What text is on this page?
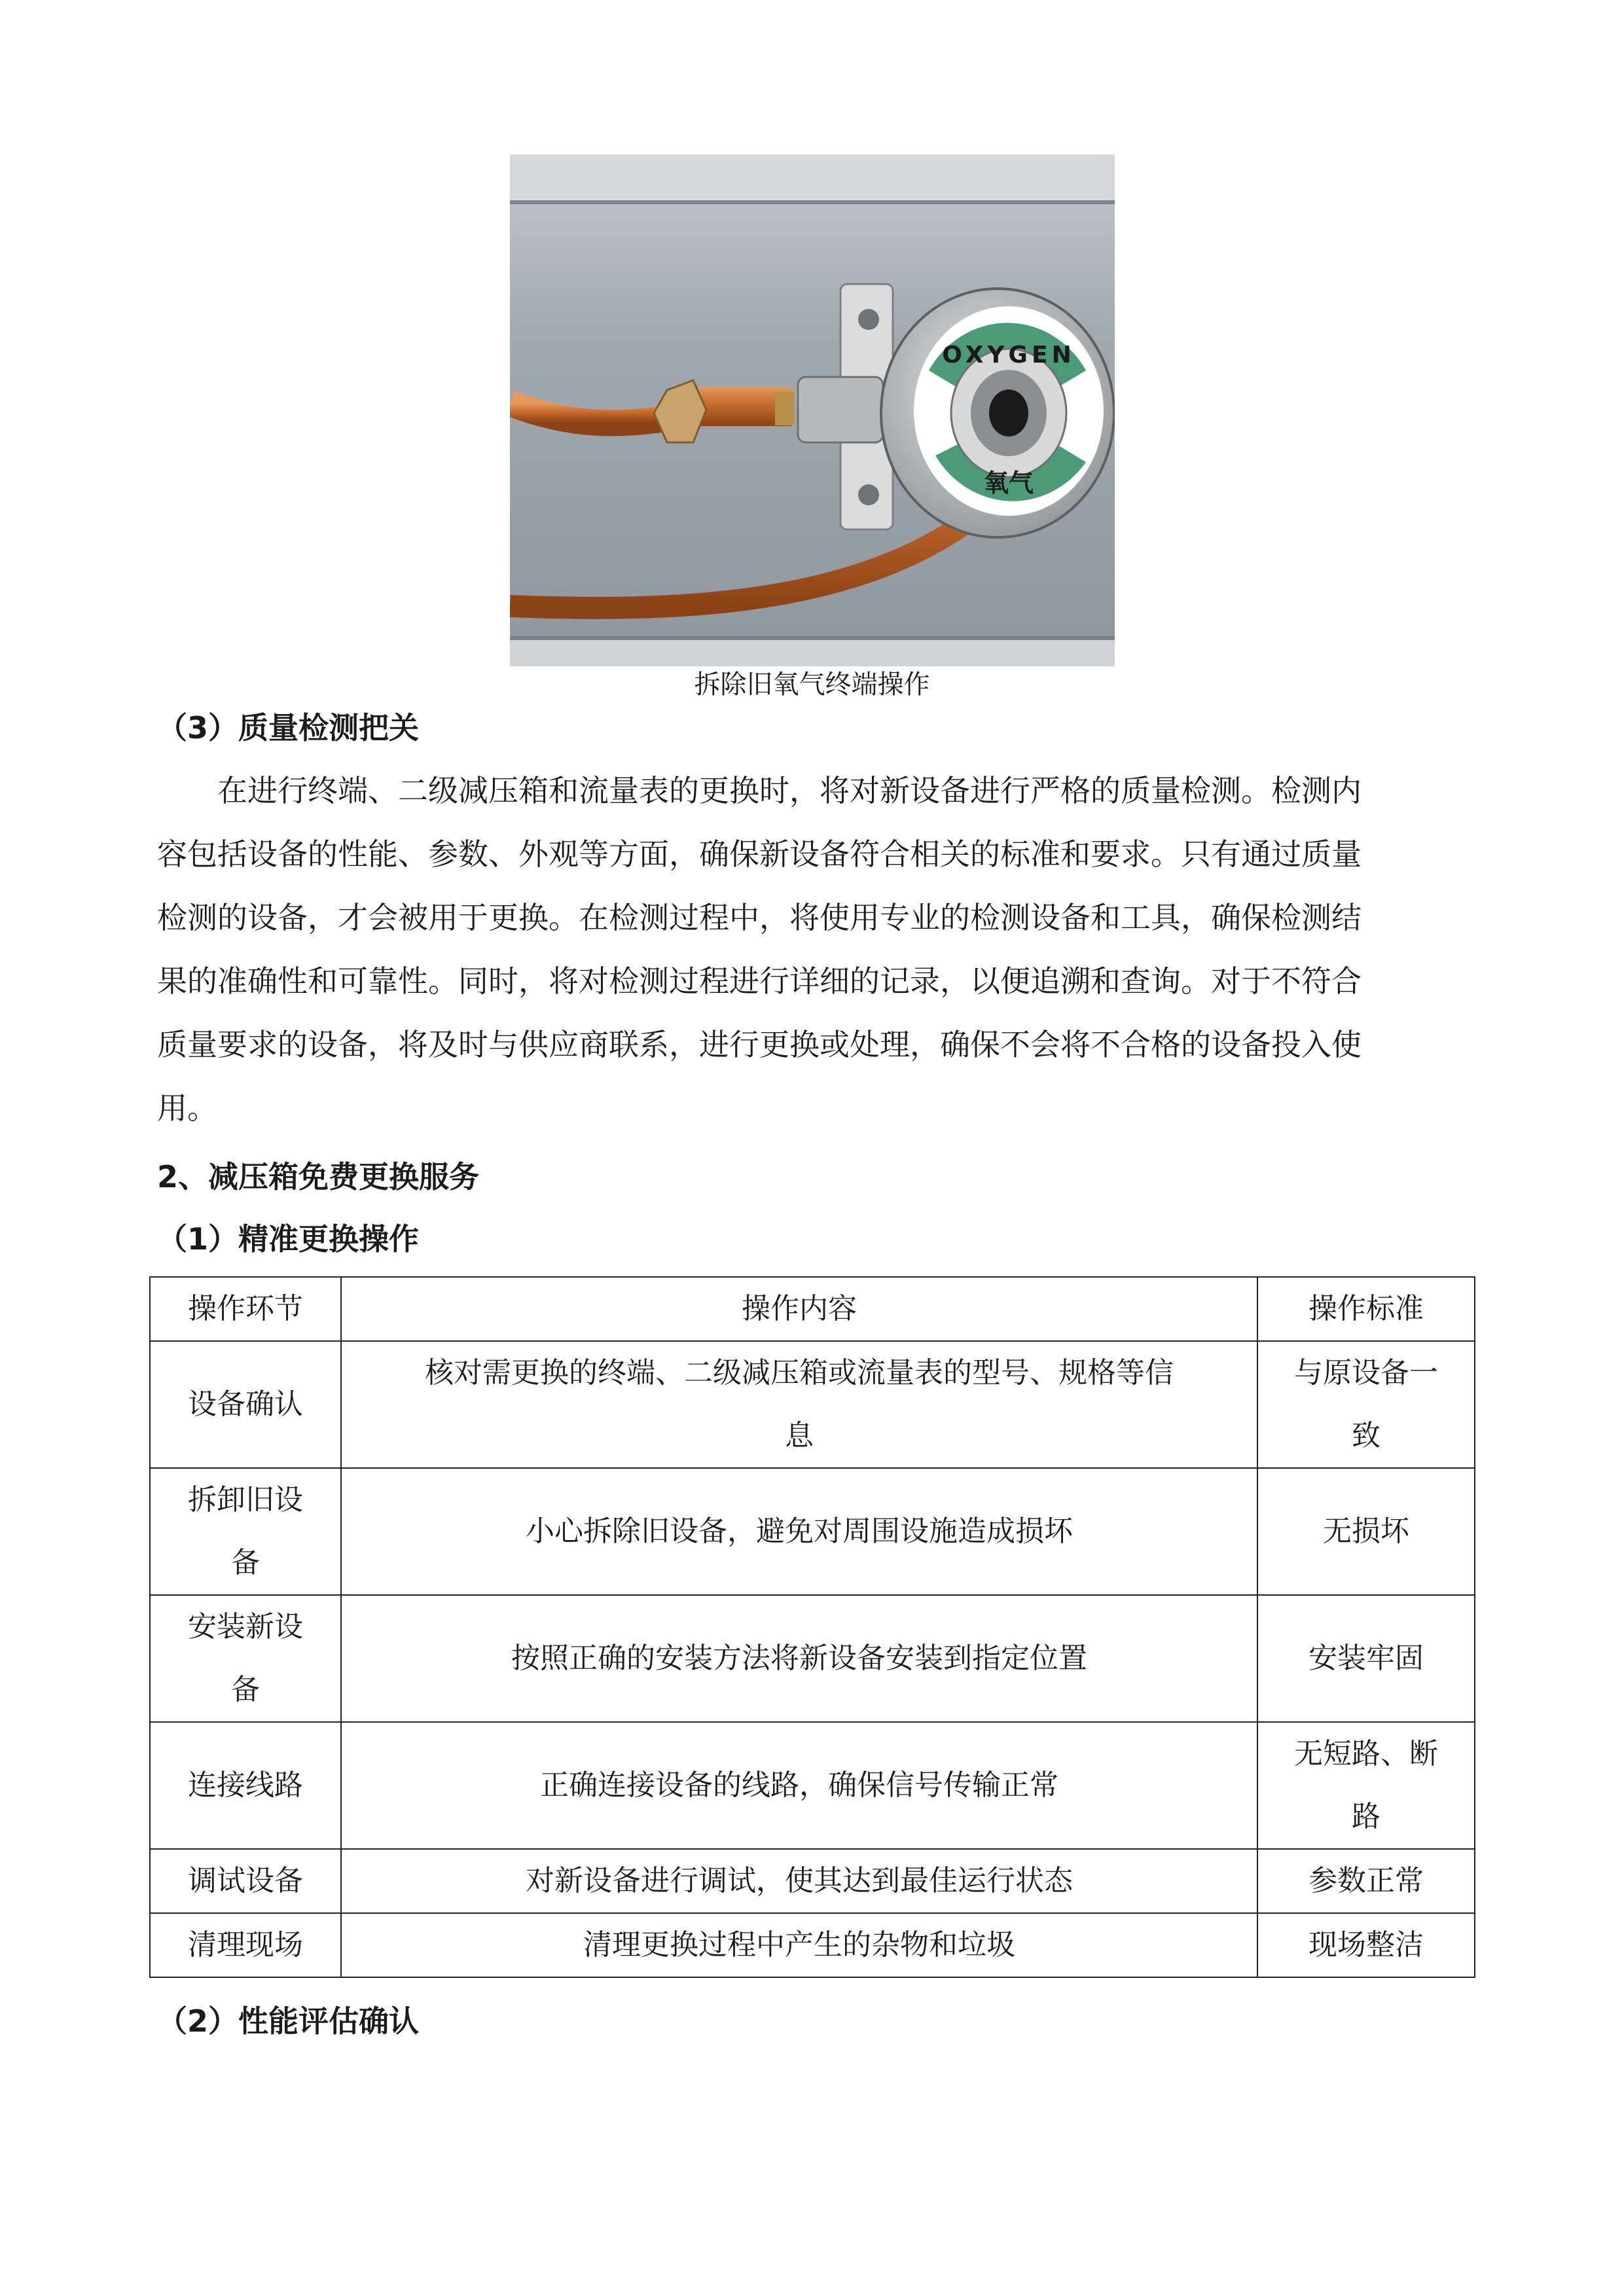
OXYGEN
氧气
拆除旧氧气终端操作
（3）质量检测把关
在进行终端、二级减压箱和流量表的更换时，将对新设备进行严格的质量检测。检测内
容包括设备的性能、参数、外观等方面，确保新设备符合相关的标准和要求。只有通过质量
检测的设备，才会被用于更换。在检测过程中，将使用专业的检测设备和工具，确保检测结
果的准确性和可靠性。同时，将对检测过程进行详细的记录，以便追溯和查询。对于不符合
质量要求的设备，将及时与供应商联系，进行更换或处理，确保不会将不合格的设备投入使
用。
2、减压箱免费更换服务
（1）精准更换操作
操作环节	操作内容	操作标准
设备确认	核对需更换的终端、二级减压箱或流量表的型号、规格等信
息	与原设备一
致
拆卸旧设
备	小心拆除旧设备，避免对周围设施造成损坏	无损坏
安装新设
备	按照正确的安装方法将新设备安装到指定位置	安装牢固
连接线路	正确连接设备的线路，确保信号传输正常	无短路、断
路
调试设备	对新设备进行调试，使其达到最佳运行状态	参数正常
清理现场	清理更换过程中产生的杂物和垃圾	现场整洁
（2）性能评估确认
